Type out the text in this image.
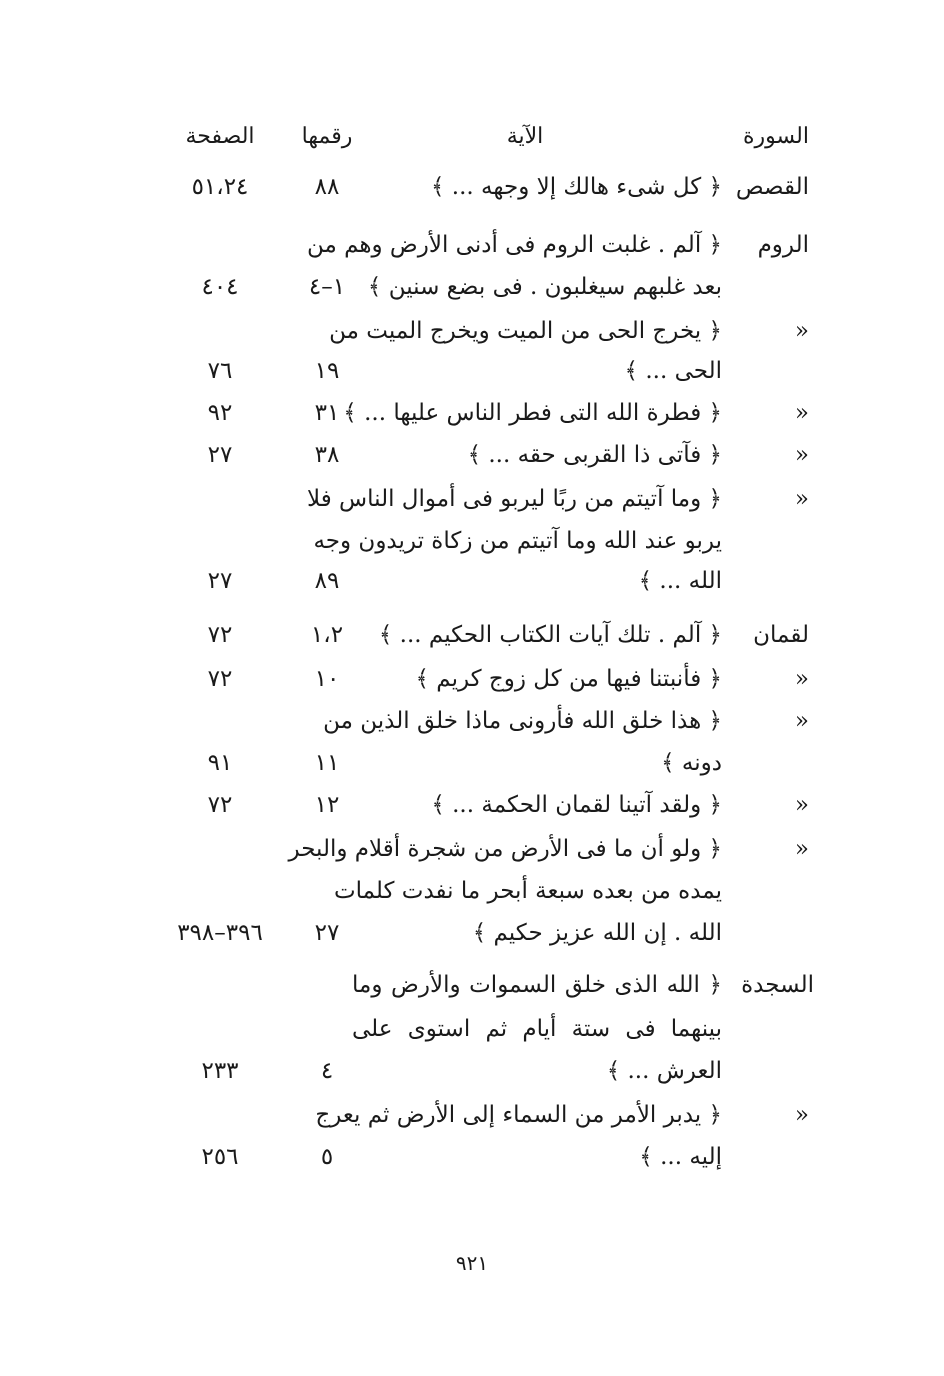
السورة
الآية
رقمها
الصفحة
القصص
﴿ كل شىء هالك إلا وجهه ... ﴾
٨٨
٥١،٢٤
الروم
﴿ آلم . غلبت الروم فى أدنى الأرض وهم من
بعد غلبهم سيغلبون . فى بضع سنين ﴾
١–٤
٤٠٤
«
﴿ يخرج الحى من الميت ويخرج الميت من
الحى ... ﴾
١٩
٧٦
«
﴿ فطرة الله التى فطر الناس عليها ... ﴾
٣١
٩٢
«
﴿ فآتى ذا القربى حقه ... ﴾
٣٨
٢٧
«
﴿ وما آتيتم من ربًا ليربو فى أموال الناس فلا
يربو عند الله وما آتيتم من زكاة تريدون وجه
الله ... ﴾
٨٩
٢٧
لقمان
﴿ آلم . تلك آيات الكتاب الحكيم ... ﴾
١،٢
٧٢
«
﴿ فأنبتنا فيها من كل زوج كريم ﴾
١٠
٧٢
«
﴿ هذا خلق الله فأرونى ماذا خلق الذين من
دونه ﴾
١١
٩١
«
﴿ ولقد آتينا لقمان الحكمة ... ﴾
١٢
٧٢
«
﴿ ولو أن ما فى الأرض من شجرة أقلام والبحر
يمده من بعده سبعة أبحر ما نفدت كلمات
الله . إن الله عزيز حكيم ﴾
٢٧
٣٩٦–٣٩٨
السجدة
﴿ الله الذى خلق السموات والأرض وما
بينهما فى ستة أيام ثم استوى على
العرش ... ﴾
٤
٢٣٣
«
﴿ يدبر الأمر من السماء إلى الأرض ثم يعرج
إليه ... ﴾
٥
٢٥٦
٩٢١
